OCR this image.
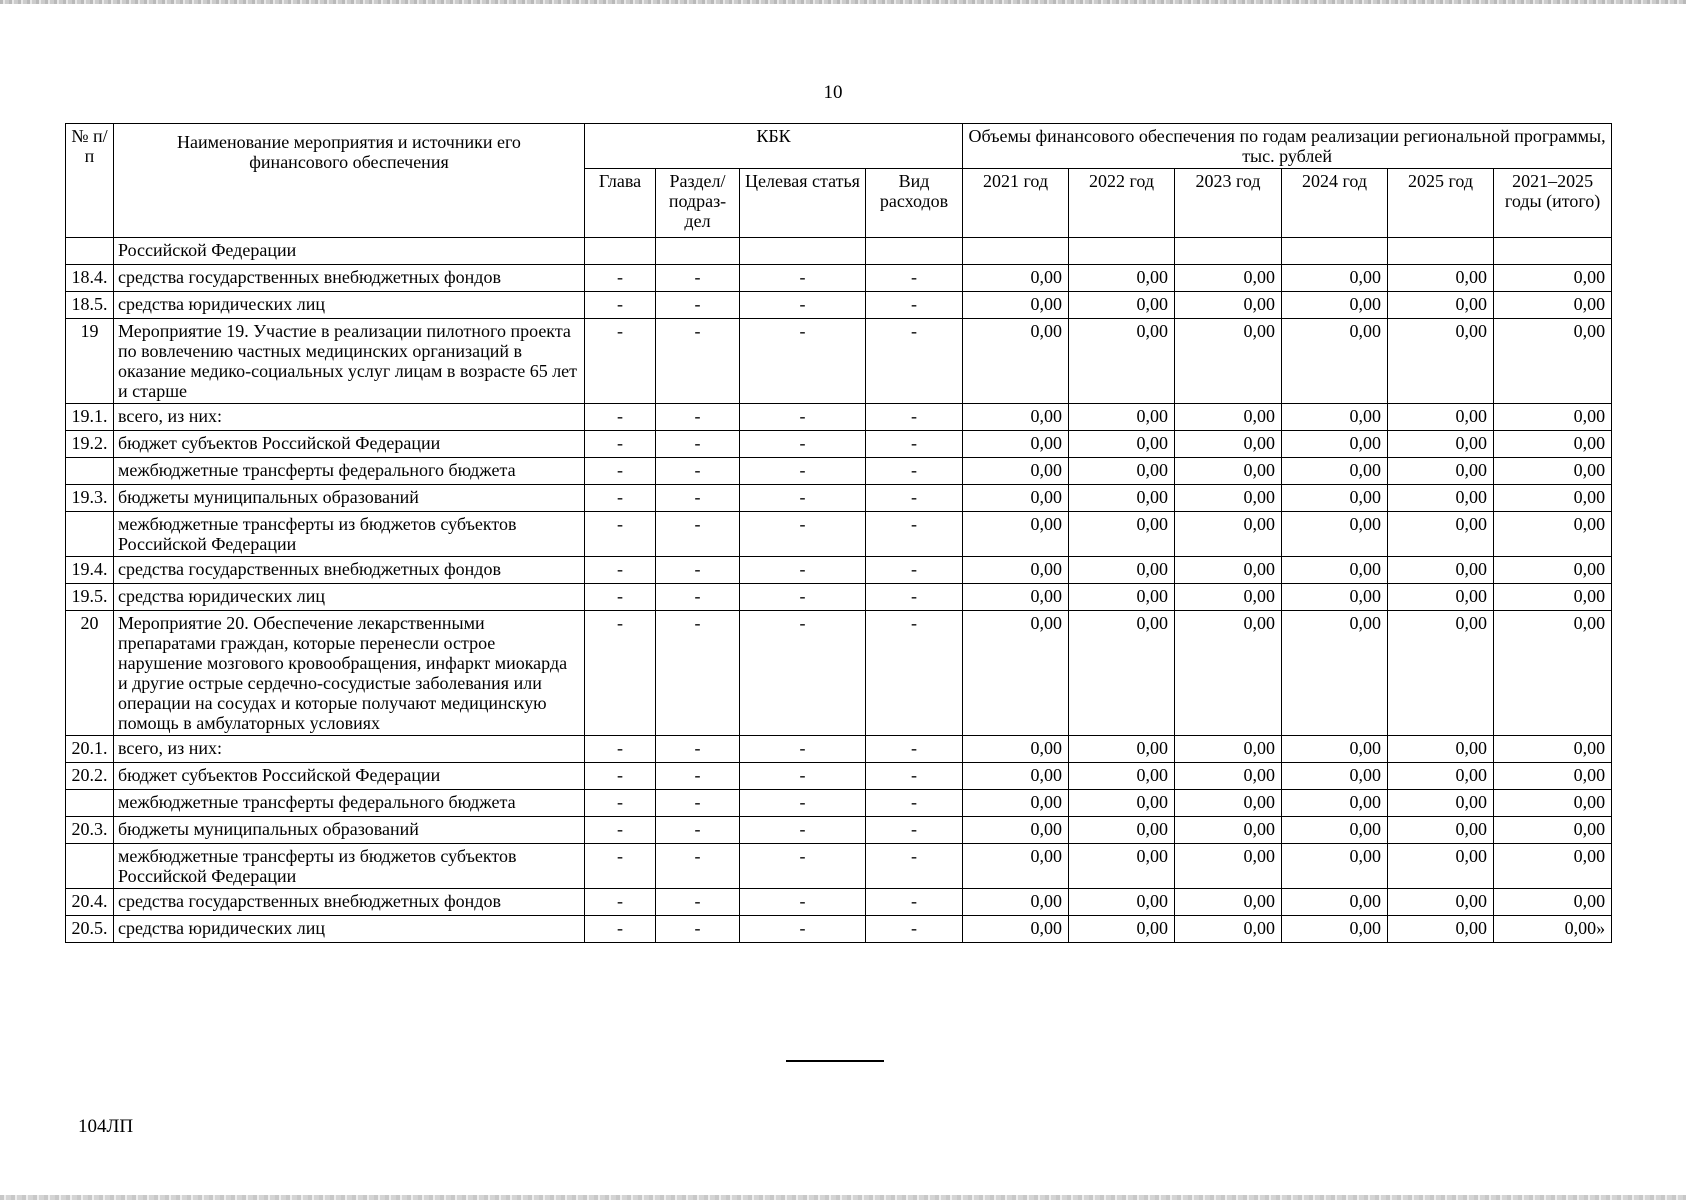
10
№ п/п	Наименование мероприятия и источники его финансового обеспечения	КБК				Объемы финансового обеспечения по годам реализации региональной программы, тыс. рублей					
		Глава	Раздел/ подраз- дел	Целевая статья	Вид расходов	2021 год	2022 год	2023 год	2024 год	2025 год	2021–2025 годы (итого)
	Российской Федерации										
18.4.	средства государственных внебюджетных фондов	-	-	-	-	0,00	0,00	0,00	0,00	0,00	0,00
18.5.	средства юридических лиц	-	-	-	-	0,00	0,00	0,00	0,00	0,00	0,00
19	Мероприятие 19. Участие в реализации пилотного проекта по вовлечению частных медицинских организаций в оказание медико-социальных услуг лицам в возрасте 65 лет и старше	-	-	-	-	0,00	0,00	0,00	0,00	0,00	0,00
19.1.	всего, из них:	-	-	-	-	0,00	0,00	0,00	0,00	0,00	0,00
19.2.	бюджет субъектов Российской Федерации	-	-	-	-	0,00	0,00	0,00	0,00	0,00	0,00
	межбюджетные трансферты федерального бюджета	-	-	-	-	0,00	0,00	0,00	0,00	0,00	0,00
19.3.	бюджеты муниципальных образований	-	-	-	-	0,00	0,00	0,00	0,00	0,00	0,00
	межбюджетные трансферты из бюджетов субъектов Российской Федерации	-	-	-	-	0,00	0,00	0,00	0,00	0,00	0,00
19.4.	средства государственных внебюджетных фондов	-	-	-	-	0,00	0,00	0,00	0,00	0,00	0,00
19.5.	средства юридических лиц	-	-	-	-	0,00	0,00	0,00	0,00	0,00	0,00
20	Мероприятие 20. Обеспечение лекарственными препаратами граждан, которые перенесли острое нарушение мозгового кровообращения, инфаркт миокарда и другие острые сердечно-сосудистые заболевания или операции на сосудах и которые получают медицинскую помощь в амбулаторных условиях	-	-	-	-	0,00	0,00	0,00	0,00	0,00	0,00
20.1.	всего, из них:	-	-	-	-	0,00	0,00	0,00	0,00	0,00	0,00
20.2.	бюджет субъектов Российской Федерации	-	-	-	-	0,00	0,00	0,00	0,00	0,00	0,00
	межбюджетные трансферты федерального бюджета	-	-	-	-	0,00	0,00	0,00	0,00	0,00	0,00
20.3.	бюджеты муниципальных образований	-	-	-	-	0,00	0,00	0,00	0,00	0,00	0,00
	межбюджетные трансферты из бюджетов субъектов Российской Федерации	-	-	-	-	0,00	0,00	0,00	0,00	0,00	0,00
20.4.	средства государственных внебюджетных фондов	-	-	-	-	0,00	0,00	0,00	0,00	0,00	0,00
20.5.	средства юридических лиц	-	-	-	-	0,00	0,00	0,00	0,00	0,00	0,00»
104ЛП
